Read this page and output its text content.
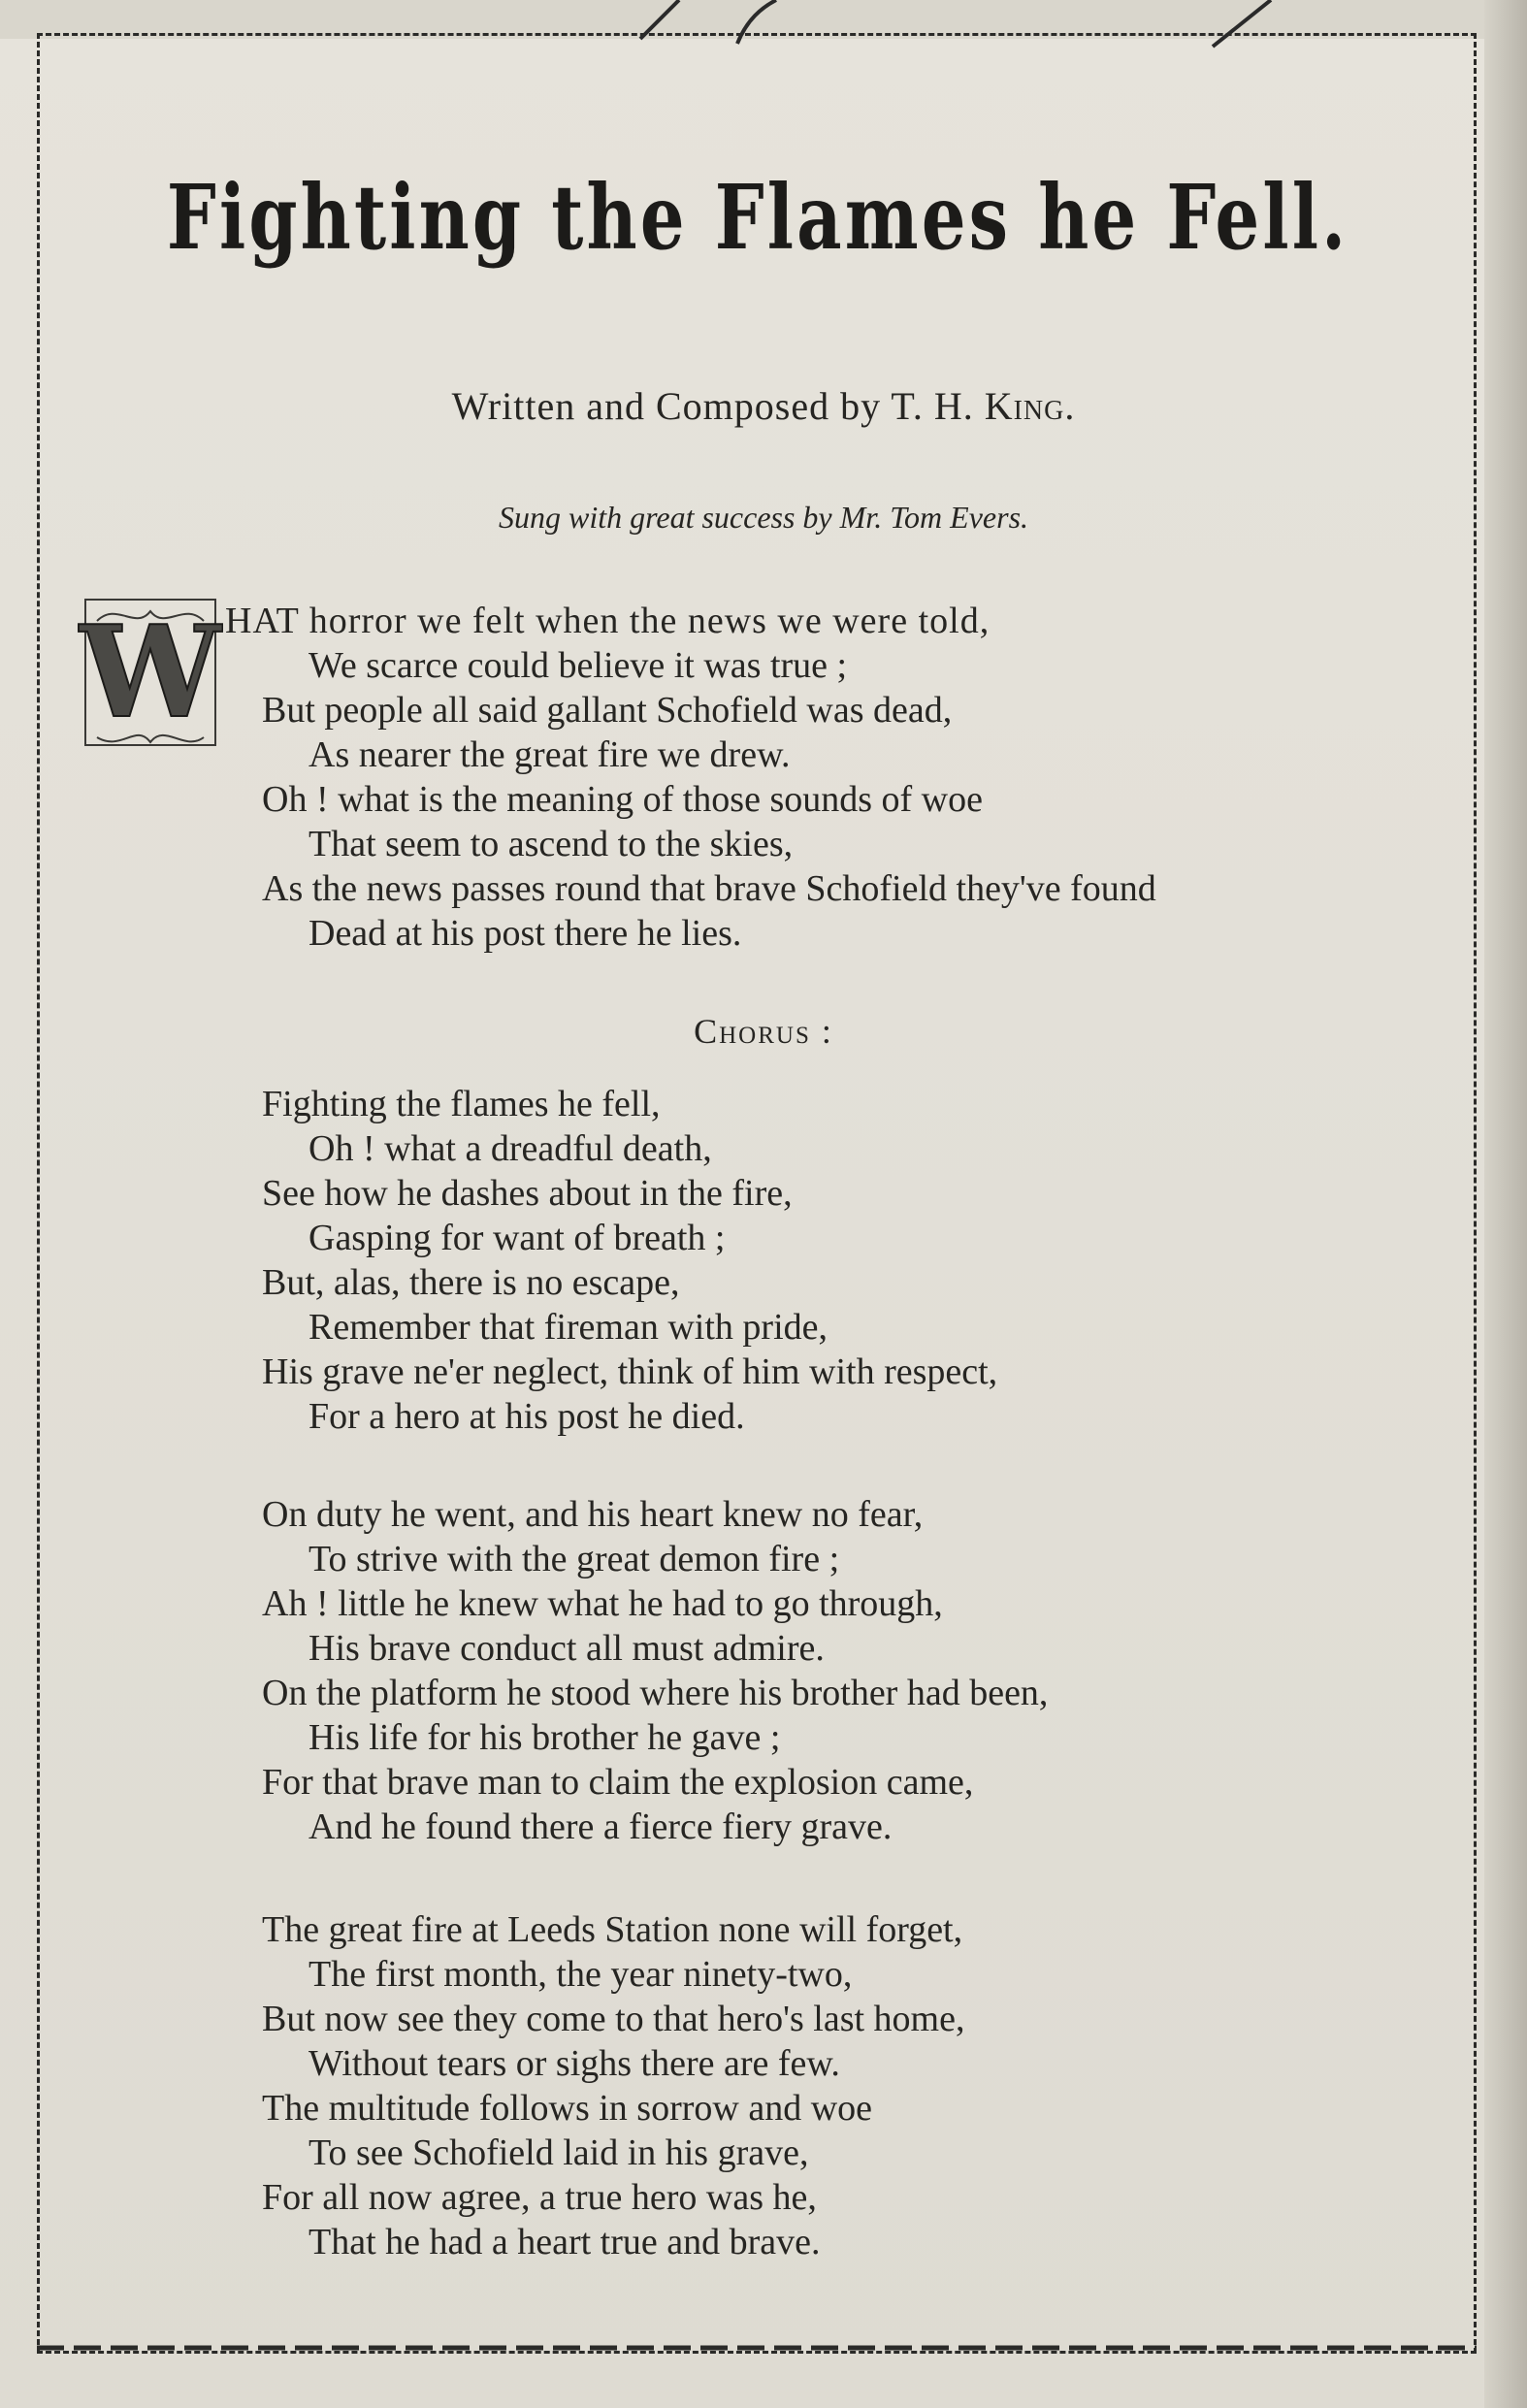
Fighting the Flames he Fell.
Written and Composed by T. H. King.
Sung with great success by Mr. Tom Evers.
W HAT horror we felt when the news we were told,
We scarce could believe it was true ;
But people all said gallant Schofield was dead,
As nearer the great fire we drew.
Oh ! what is the meaning of those sounds of woe
That seem to ascend to the skies,
As the news passes round that brave Schofield they've found
Dead at his post there he lies.
Chorus :
Fighting the flames he fell,
Oh ! what a dreadful death,
See how he dashes about in the fire,
Gasping for want of breath ;
But, alas, there is no escape,
Remember that fireman with pride,
His grave ne'er neglect, think of him with respect,
For a hero at his post he died.
On duty he went, and his heart knew no fear,
To strive with the great demon fire ;
Ah ! little he knew what he had to go through,
His brave conduct all must admire.
On the platform he stood where his brother had been,
His life for his brother he gave ;
For that brave man to claim the explosion came,
And he found there a fierce fiery grave.
The great fire at Leeds Station none will forget,
The first month, the year ninety-two,
But now see they come to that hero's last home,
Without tears or sighs there are few.
The multitude follows in sorrow and woe
To see Schofield laid in his grave,
For all now agree, a true hero was he,
That he had a heart true and brave.
